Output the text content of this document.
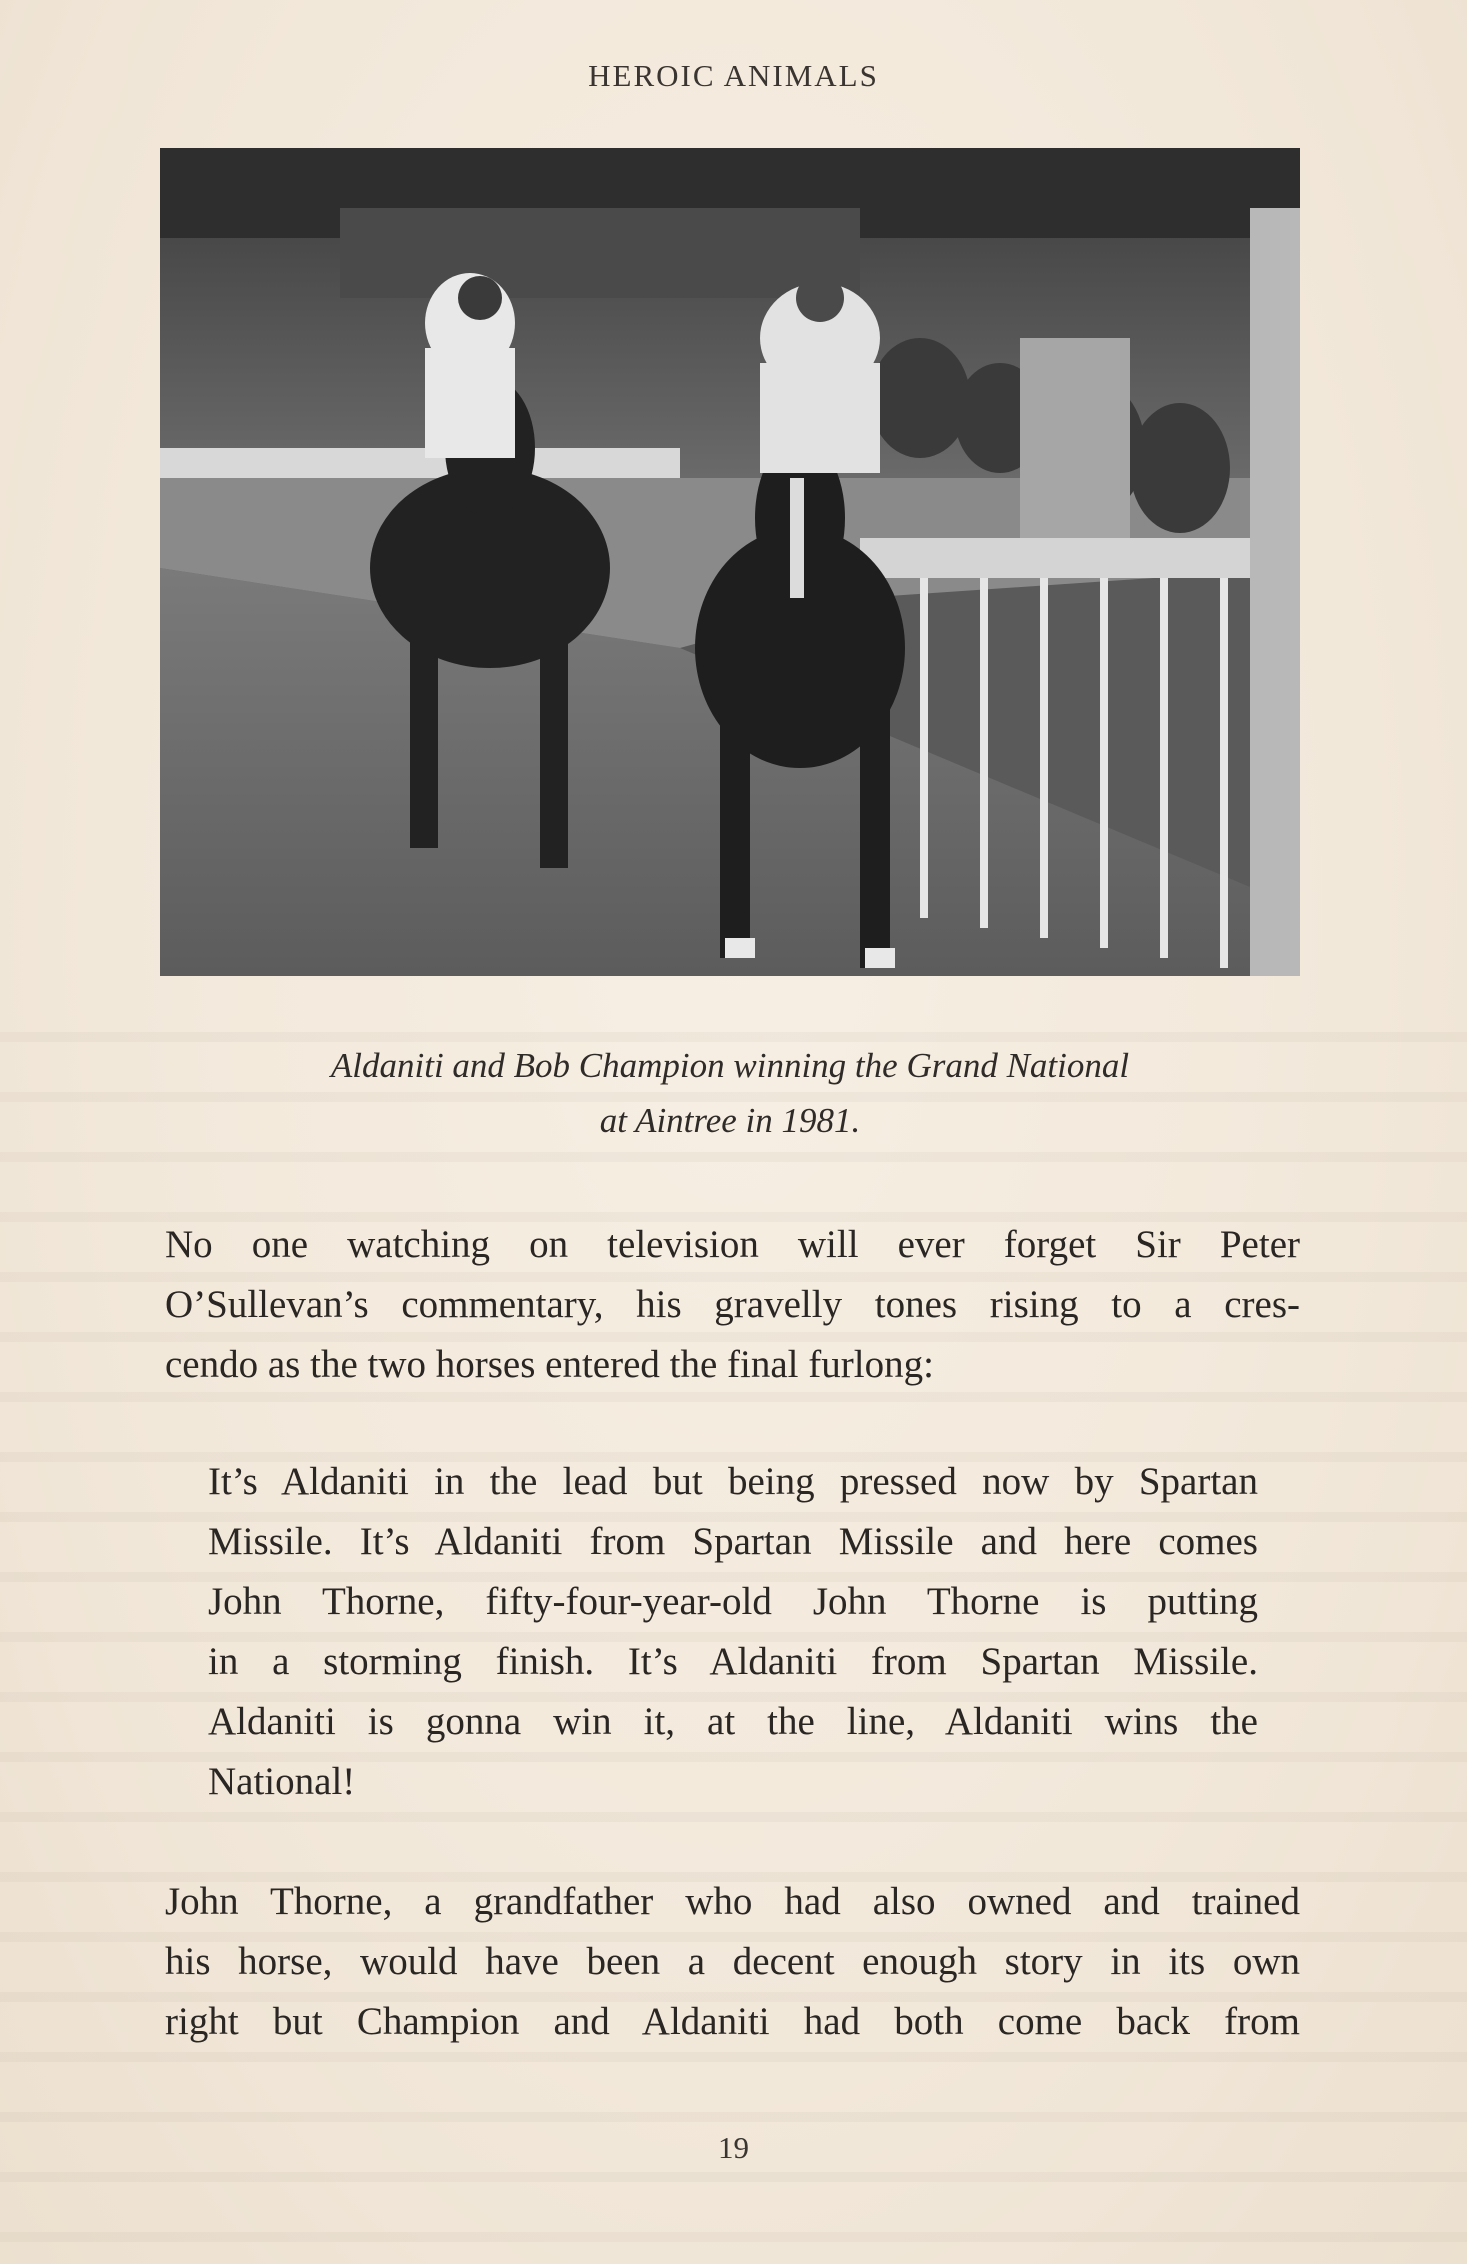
HEROIC ANIMALS
Aldaniti and Bob Champion winning the Grand National
at Aintree in 1981.
No one watching on television will ever forget Sir Peter
O’Sullevan’s commentary, his gravelly tones rising to a cres-
cendo as the two horses entered the final furlong:
It’s Aldaniti in the lead but being pressed now by Spartan
Missile. It’s Aldaniti from Spartan Missile and here comes
John Thorne, fifty-four-year-old John Thorne is putting
in a storming finish. It’s Aldaniti from Spartan Missile.
Aldaniti is gonna win it, at the line, Aldaniti wins the
National!
John Thorne, a grandfather who had also owned and trained
his horse, would have been a decent enough story in its own
right but Champion and Aldaniti had both come back from
19
